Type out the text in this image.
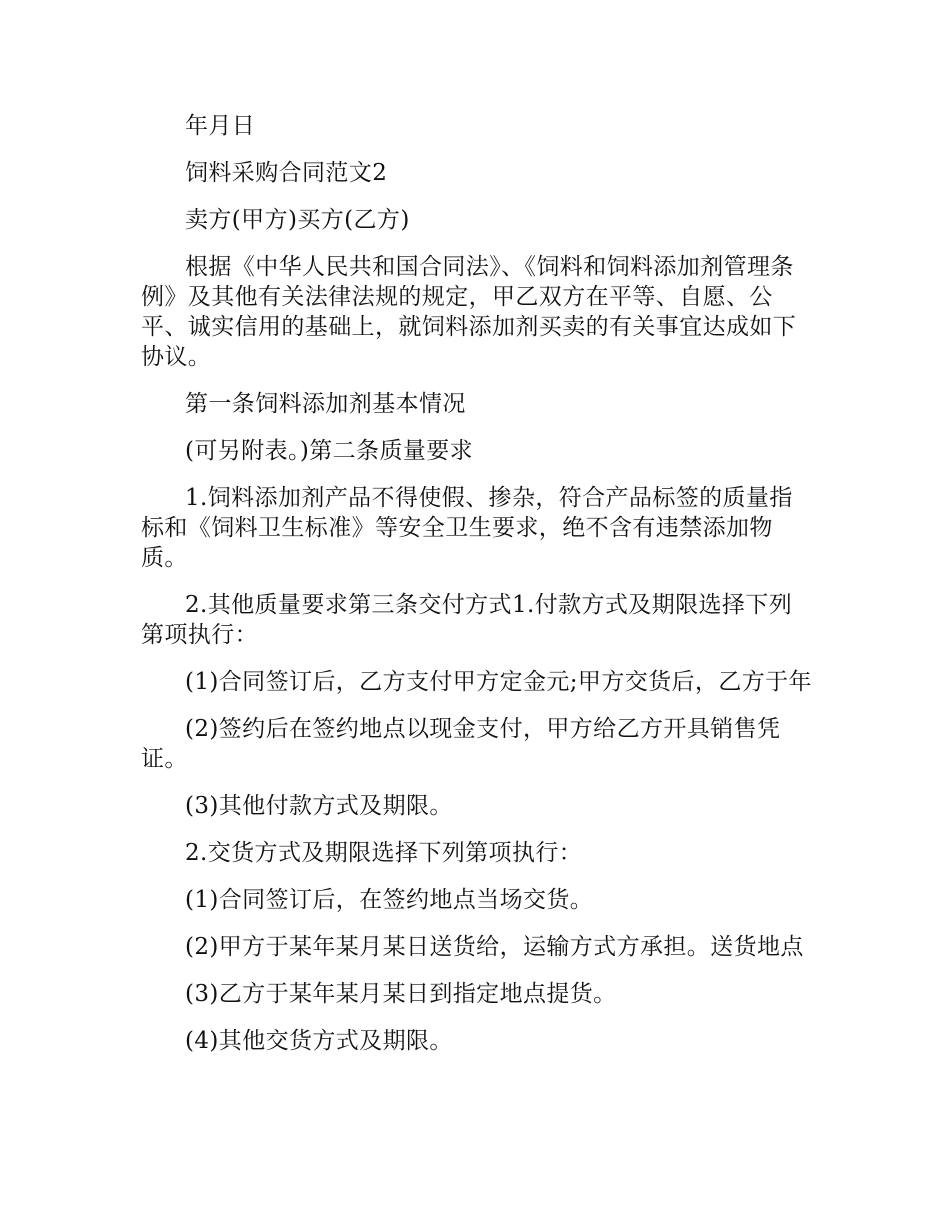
年月日

饲料采购合同范文2

卖方(甲方)买方(乙方)

根据《中华人民共和国合同法》、《饲料和饲料添加剂管理条例》及其他有关法律法规的规定，甲乙双方在平等、自愿、公平、诚实信用的基础上，就饲料添加剂买卖的有关事宜达成如下协议。

第一条饲料添加剂基本情况

(可另附表。)第二条质量要求

1.饲料添加剂产品不得使假、掺杂，符合产品标签的质量指标和《饲料卫生标准》等安全卫生要求，绝不含有违禁添加物质。

2.其他质量要求第三条交付方式1.付款方式及期限选择下列第项执行：

(1)合同签订后，乙方支付甲方定金元;甲方交货后，乙方于年

(2)签约后在签约地点以现金支付，甲方给乙方开具销售凭证。

(3)其他付款方式及期限。

2.交货方式及期限选择下列第项执行：

(1)合同签订后，在签约地点当场交货。

(2)甲方于某年某月某日送货给，运输方式方承担。送货地点

(3)乙方于某年某月某日到指定地点提货。

(4)其他交货方式及期限。
